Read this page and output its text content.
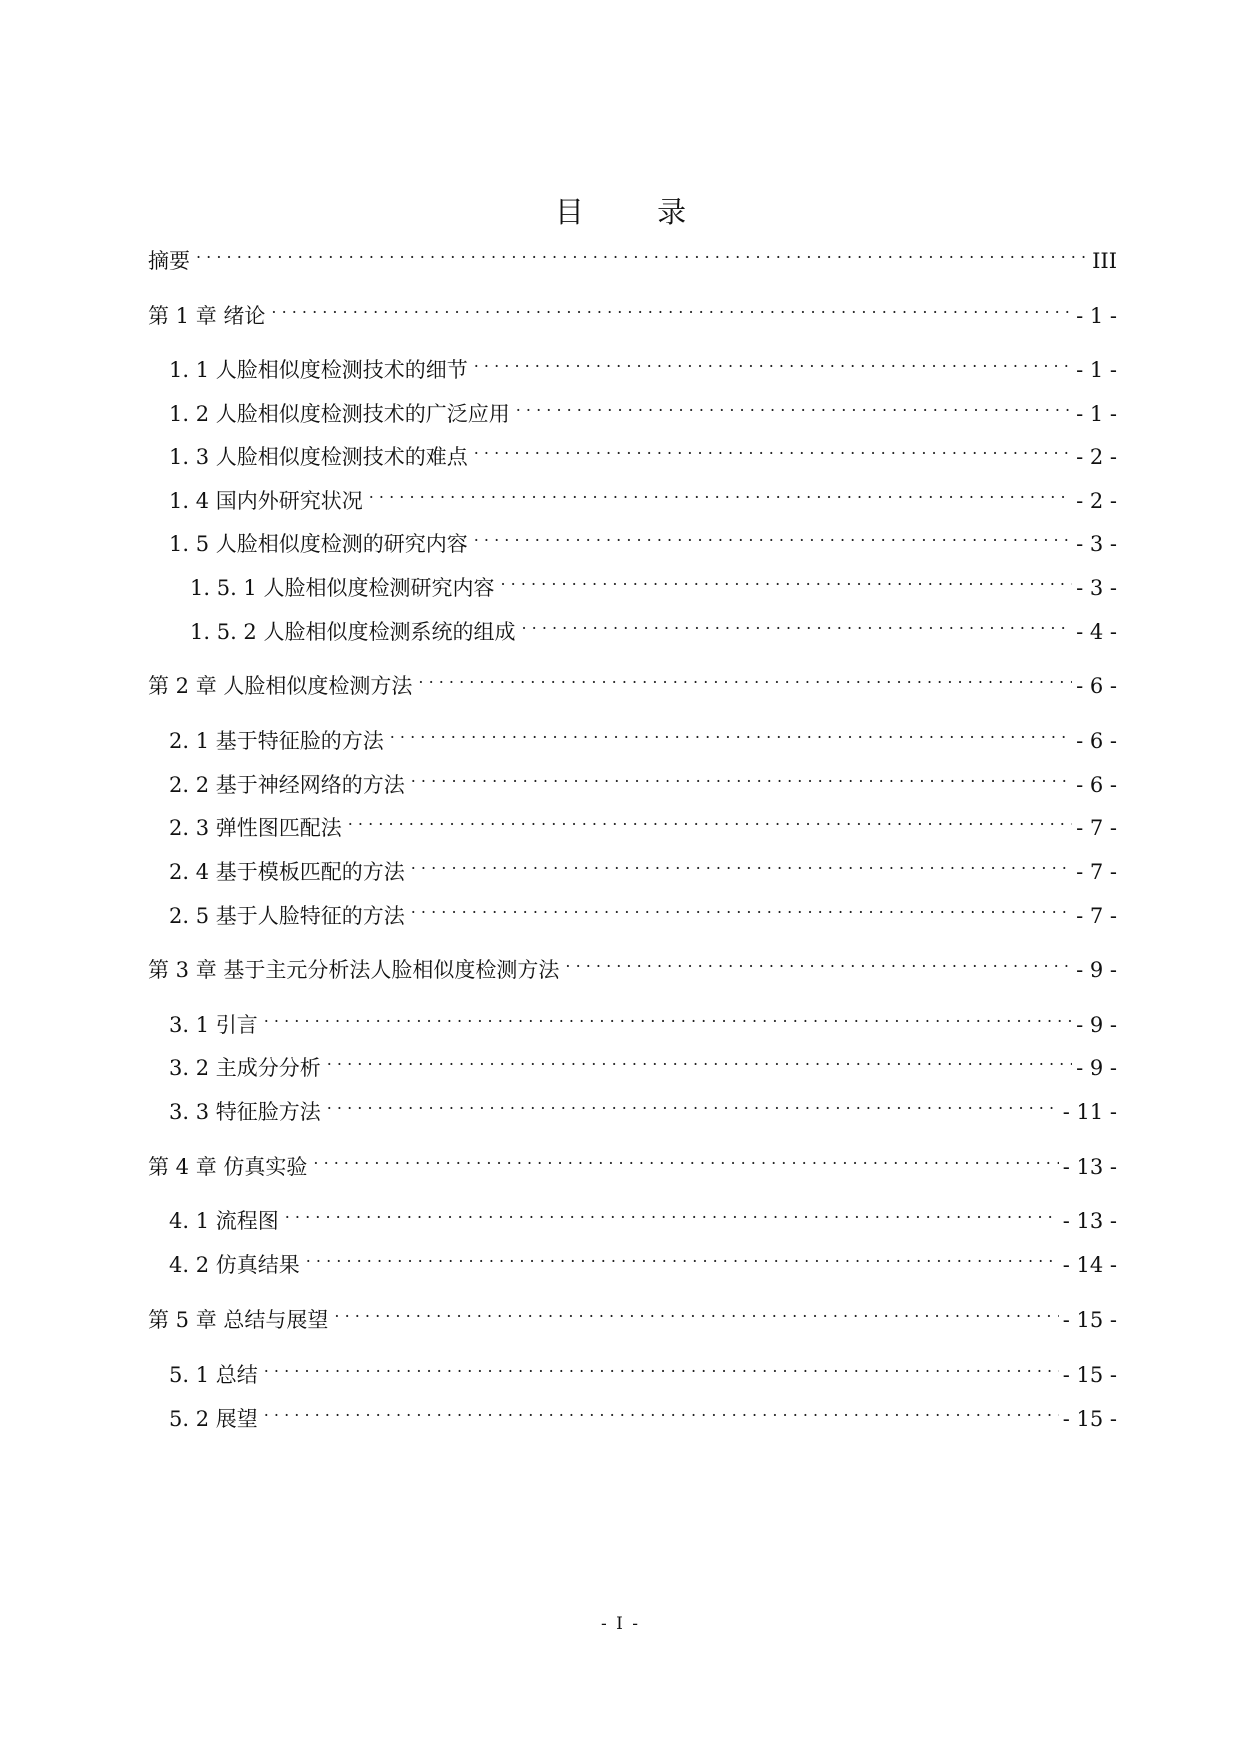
目 录
摘要 . . .	III
第 1 章 绪论 . . .	- 1 -
1. 1 人脸相似度检测技术的细节 . . .	- 1 -
1. 2 人脸相似度检测技术的广泛应用 . . .	- 1 -
1. 3 人脸相似度检测技术的难点 . . .	- 2 -
1. 4 国内外研究状况 . . .	- 2 -
1. 5 人脸相似度检测的研究内容 . . .	- 3 -
1. 5. 1 人脸相似度检测研究内容 . . .	- 3 -
1. 5. 2 人脸相似度检测系统的组成 . . .	- 4 -
第 2 章 人脸相似度检测方法 . . .	- 6 -
2. 1 基于特征脸的方法 . . .	- 6 -
2. 2 基于神经网络的方法 . . .	- 6 -
2. 3 弹性图匹配法 . . .	- 7 -
2. 4 基于模板匹配的方法 . . .	- 7 -
2. 5 基于人脸特征的方法 . . .	- 7 -
第 3 章 基于主元分析法人脸相似度检测方法 . . .	- 9 -
3. 1 引言 . . .	- 9 -
3. 2 主成分分析 . . .	- 9 -
3. 3 特征脸方法 . . .	- 11 -
第 4 章 仿真实验 . . .	- 13 -
4. 1 流程图 . . .	- 13 -
4. 2 仿真结果 . . .	- 14 -
第 5 章 总结与展望 . . .	- 15 -
5. 1 总结 . . .	- 15 -
5. 2 展望 . . .	- 15 -
- I -
